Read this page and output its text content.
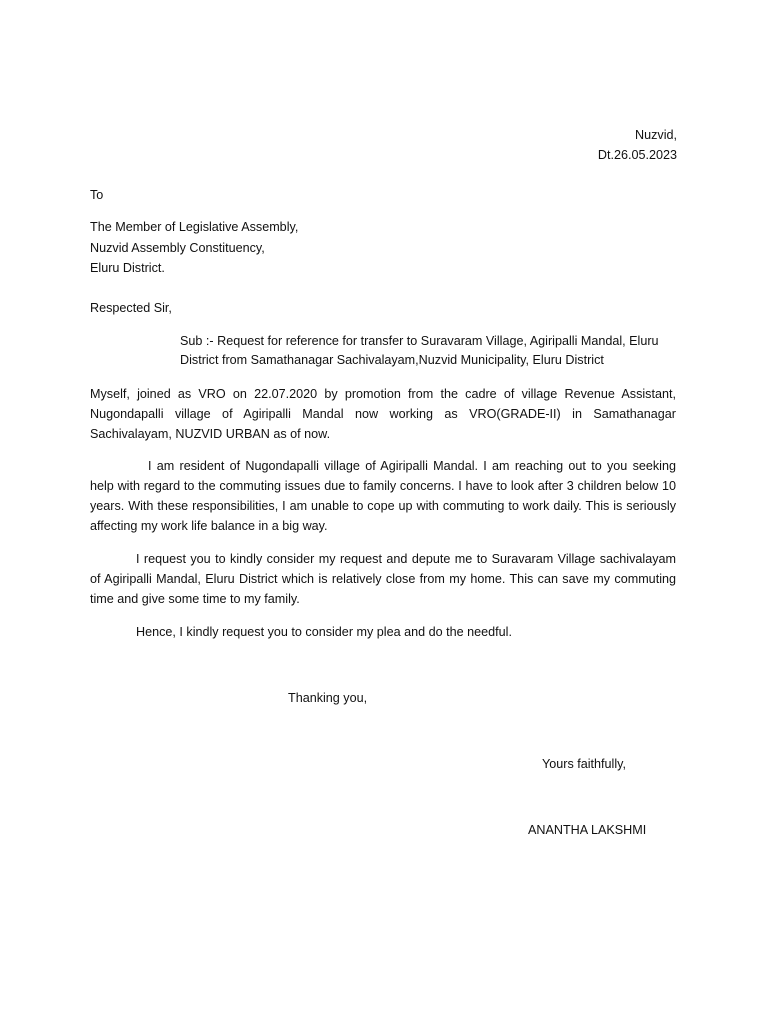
Nuzvid,
Dt.26.05.2023
To
The Member of Legislative Assembly,
Nuzvid Assembly Constituency,
Eluru District.
Respected Sir,
Sub :- Request for reference for transfer to Suravaram Village, Agiripalli Mandal, Eluru
District from Samathanagar Sachivalayam,Nuzvid Municipality, Eluru District
Myself, joined as VRO on 22.07.2020 by promotion from the cadre of village Revenue Assistant, Nugondapalli village of Agiripalli Mandal now working as VRO(GRADE-II) in Samathanagar Sachivalayam, NUZVID URBAN as of now.
I am resident of Nugondapalli village of Agiripalli Mandal. I am reaching out to you seeking help with regard to the commuting issues due to family concerns. I have to look after 3 children below 10 years. With these responsibilities, I am unable to cope up with commuting to work daily. This is seriously affecting my work life balance in a big way.
I request you to kindly consider my request and depute me to Suravaram Village sachivalayam of Agiripalli Mandal, Eluru District which is relatively close from my home. This can save my commuting time and give some time to my family.
Hence, I kindly request you to consider my plea and do the needful.
Thanking you,
Yours faithfully,
ANANTHA LAKSHMI
